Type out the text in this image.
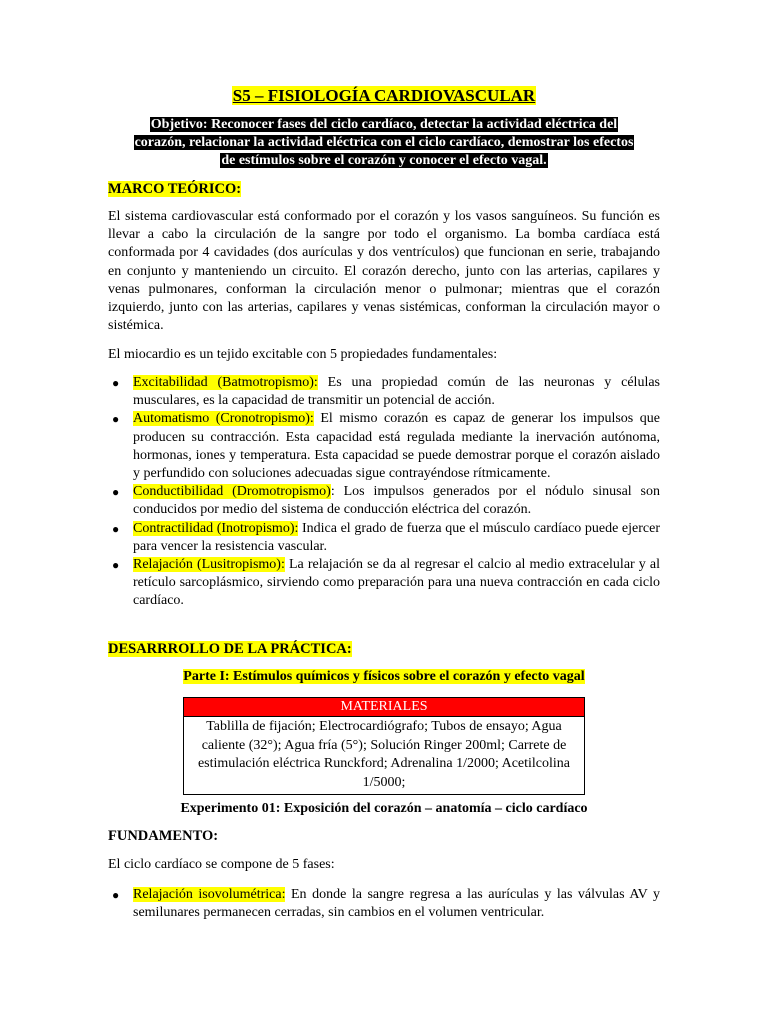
S5 – FISIOLOGÍA CARDIOVASCULAR
Objetivo: Reconocer fases del ciclo cardíaco, detectar la actividad eléctrica del corazón, relacionar la actividad eléctrica con el ciclo cardíaco, demostrar los efectos de estímulos sobre el corazón y conocer el efecto vagal.
MARCO TEÓRICO:

El sistema cardiovascular está conformado por el corazón y los vasos sanguíneos. Su función es llevar a cabo la circulación de la sangre por todo el organismo. La bomba cardíaca está conformada por 4 cavidades (dos aurículas y dos ventrículos) que funcionan en serie, trabajando en conjunto y manteniendo un circuito. El corazón derecho, junto con las arterias, capilares y venas pulmonares, conforman la circulación menor o pulmonar; mientras que el corazón izquierdo, junto con las arterias, capilares y venas sistémicas, conforman la circulación mayor o sistémica.

El miocardio es un tejido excitable con 5 propiedades fundamentales:

● Excitabilidad (Batmotropismo): Es una propiedad común de las neuronas y células musculares, es la capacidad de transmitir un potencial de acción.
● Automatismo (Cronotropismo): El mismo corazón es capaz de generar los impulsos que producen su contracción. Esta capacidad está regulada mediante la inervación autónoma, hormonas, iones y temperatura. Esta capacidad se puede demostrar porque el corazón aislado y perfundido con soluciones adecuadas sigue contrayéndose rítmicamente.
● Conductibilidad (Dromotropismo): Los impulsos generados por el nódulo sinusal son conducidos por medio del sistema de conducción eléctrica del corazón.
● Contractilidad (Inotropismo): Indica el grado de fuerza que el músculo cardíaco puede ejercer para vencer la resistencia vascular.
● Relajación (Lusitropismo): La relajación se da al regresar el calcio al medio extracelular y al retículo sarcoplásmico, sirviendo como preparación para una nueva contracción en cada ciclo cardíaco.
DESARRROLLO DE LA PRÁCTICA:
Parte I: Estímulos químicos y físicos sobre el corazón y efecto vagal
MATERIALES
Tablilla de fijación; Electrocardiógrafo; Tubos de ensayo; Agua caliente (32°); Agua fría (5°); Solución Ringer 200ml; Carrete de estimulación eléctrica Runckford; Adrenalina 1/2000; Acetilcolina 1/5000;
Experimento 01: Exposición del corazón – anatomía – ciclo cardíaco
FUNDAMENTO:

El ciclo cardíaco se compone de 5 fases:

● Relajación isovolumétrica: En donde la sangre regresa a las aurículas y las válvulas AV y semilunares permanecen cerradas, sin cambios en el volumen ventricular.
